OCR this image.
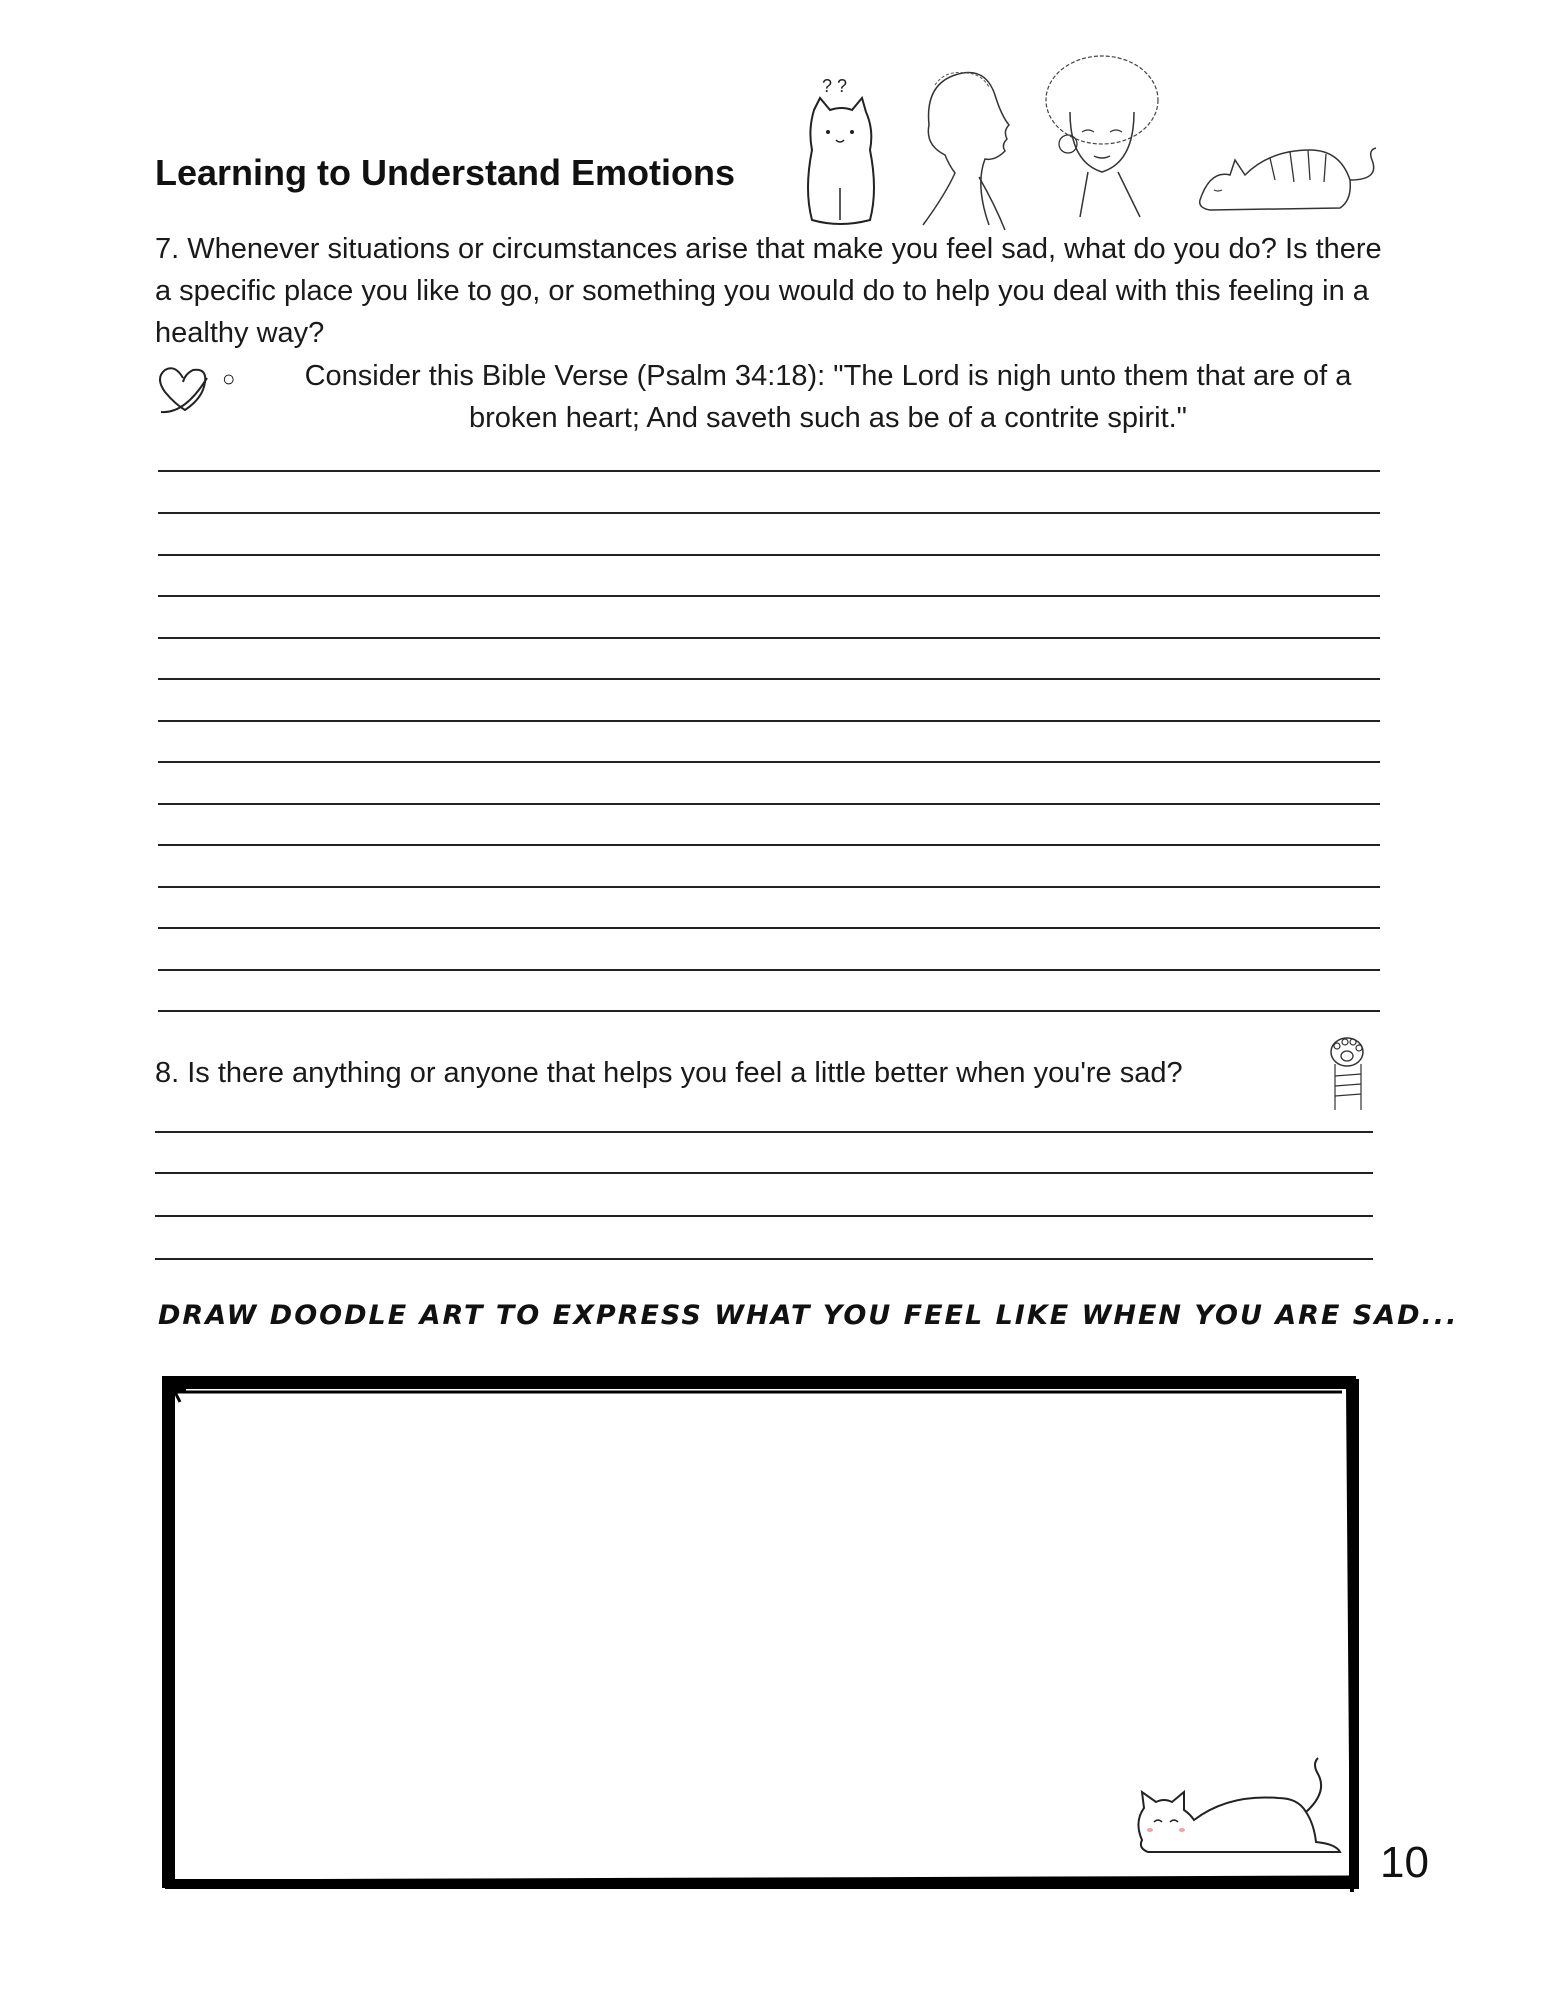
Learning to Understand Emotions
? ?
7. Whenever situations or circumstances arise that make you feel sad, what do you do? Is there a specific place you like to go, or something you would do to help you deal with this feeling in a healthy way?
○	Consider this Bible Verse (Psalm 34:18): "The Lord is nigh unto them that are of a broken heart; And saveth such as be of a contrite spirit."
8. Is there anything or anyone that helps you feel a little better when you're sad?
DRAW DOODLE ART TO EXPRESS WHAT YOU FEEL LIKE WHEN YOU ARE SAD...
10
